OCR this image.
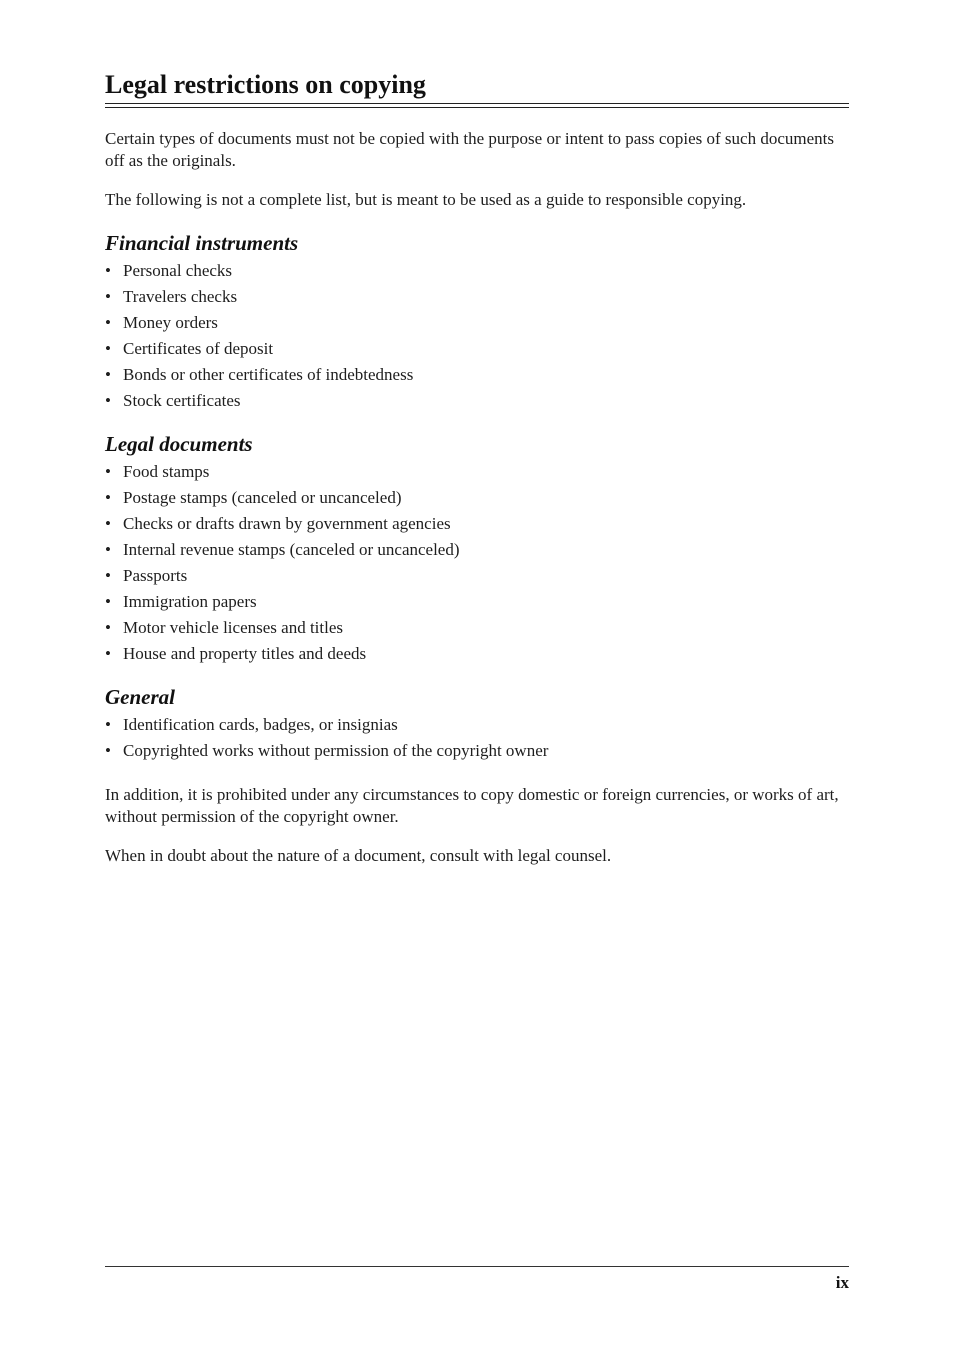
Legal restrictions on copying

Certain types of documents must not be copied with the purpose or intent to pass copies of such documents off as the originals.

The following is not a complete list, but is meant to be used as a guide to responsible copying.

Financial instruments
• Personal checks
• Travelers checks
• Money orders
• Certificates of deposit
• Bonds or other certificates of indebtedness
• Stock certificates
Legal documents
• Food stamps
• Postage stamps (canceled or uncanceled)
• Checks or drafts drawn by government agencies
• Internal revenue stamps (canceled or uncanceled)
• Passports
• Immigration papers
• Motor vehicle licenses and titles
• House and property titles and deeds
General
• Identification cards, badges, or insignias
• Copyrighted works without permission of the copyright owner

In addition, it is prohibited under any circumstances to copy domestic or foreign currencies, or works of art, without permission of the copyright owner.

When in doubt about the nature of a document, consult with legal counsel.

ix
